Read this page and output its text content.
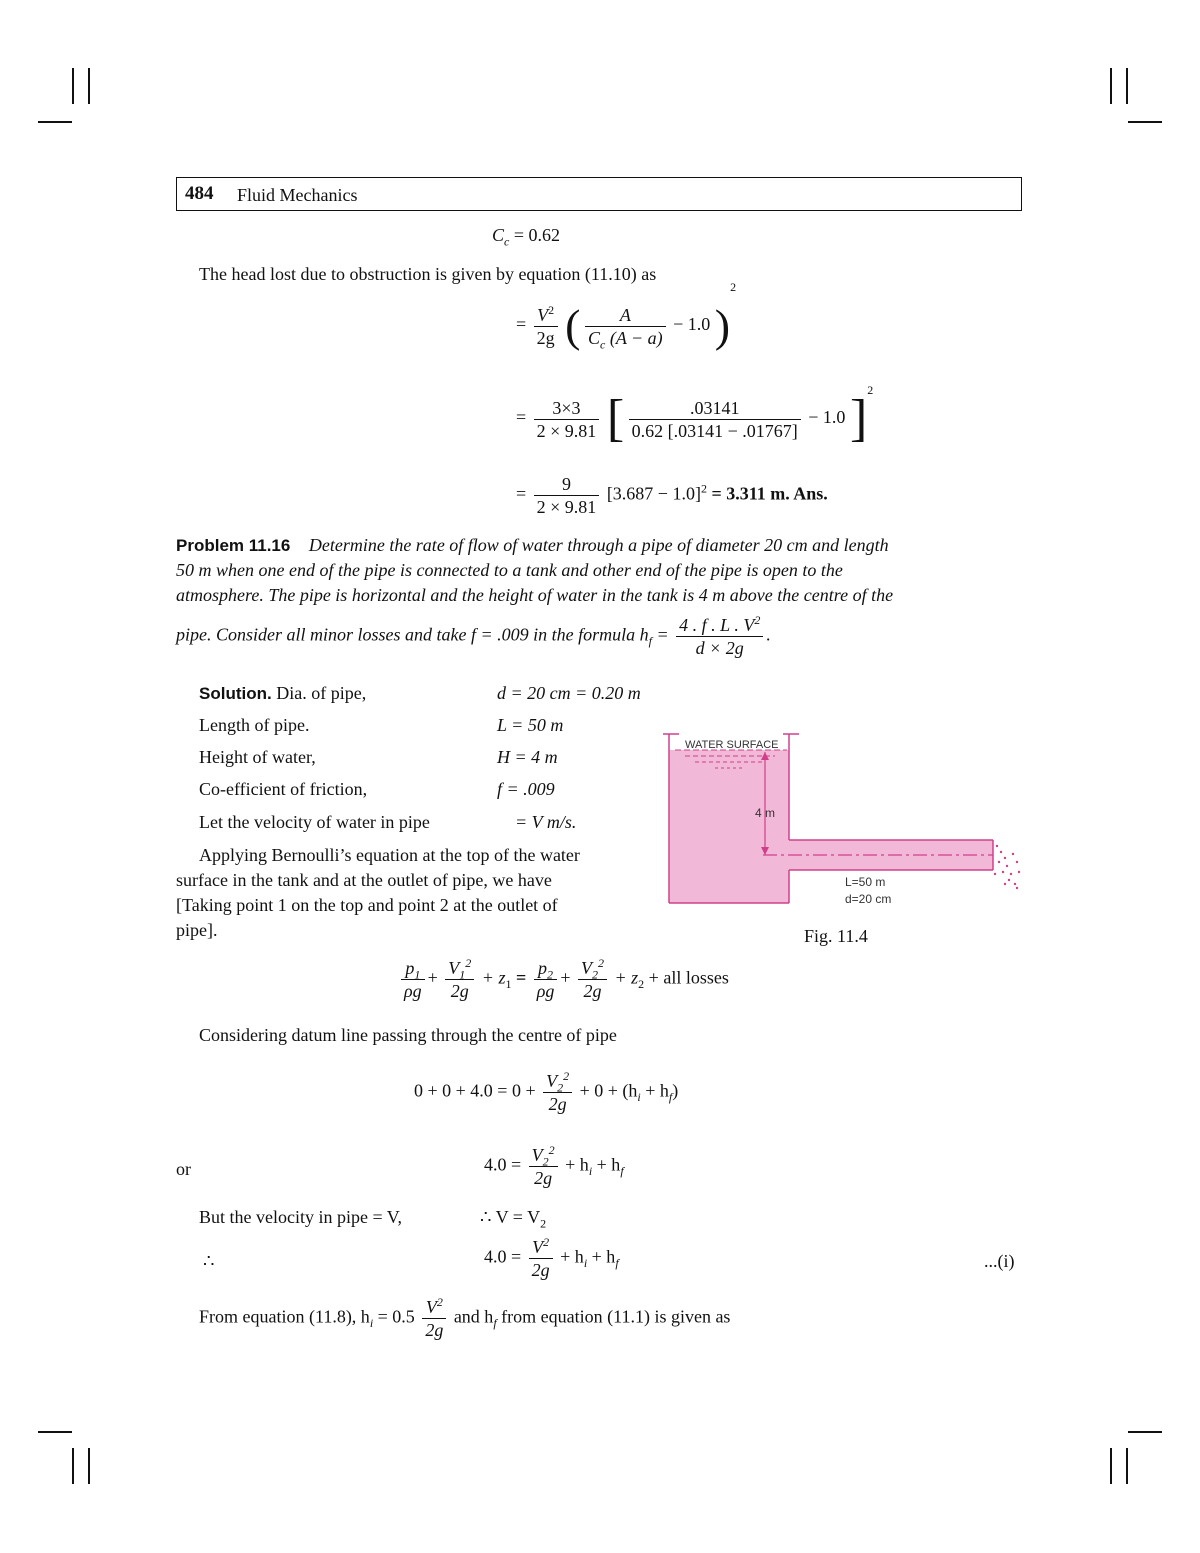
484 Fluid Mechanics
$C_c = 0.62$
The head lost due to obstruction is given by equation (11.10) as
= $\frac{V^2}{2g}$ ( $\frac{A}{C_c (A - a)} - 1.0$ )$^2$
= $\frac{3\times 3}{2 \times 9.81}$ [ $\frac{.03141}{0.62 [.03141 - .01767]} - 1.0$ ]$^2$
= $\frac{9}{2 \times 9.81} [3.687 - 1.0]^2 = 3.311$ m. Ans.
Problem 11.16 Determine the rate of flow of water through a pipe of diameter 20 cm and length
50 m when one end of the pipe is connected to a tank and other end of the pipe is open to the
atmosphere. The pipe is horizontal and the height of water in the tank is 4 m above the centre of the
pipe. Consider all minor losses and take f = .009 in the formula $h_f = \frac{4 . f . L . V^2}{d \times 2g}$ .
Solution. Dia. of pipe,	d = 20 cm = 0.20 m
Length of pipe.	L = 50 m
Height of water,	H = 4 m
Co-efficient of friction,	f = .009
Let the velocity of water in pipe	= V m/s.
Applying Bernoulli’s equation at the top of the water
surface in the tank and at the outlet of pipe, we have
[Taking point 1 on the top and point 2 at the outlet of
pipe].
WATER SURFACE
4 m
L=50 m
d=20 cm
Fig. 11.4
$\frac{p_1}{\rho g} + \frac{V_1^2}{2g} + z_1 = \frac{p_2}{\rho g} + \frac{V_2^2}{2g} + z_2$ + all losses
Considering datum line passing through the centre of pipe
$0 + 0 + 4.0 = 0 + \frac{V_2^2}{2g} + 0 + (h_i + h_f)$
or	$4.0 = \frac{V_2^2}{2g} + h_i + h_f$
But the velocity in pipe = V,	∴ $V = V_2$
∴	$4.0 = \frac{V^2}{2g} + h_i + h_f$	...(i)
From equation (11.8), $h_i = 0.5 \frac{V^2}{2g}$ and $h_f$ from equation (11.1) is given as
